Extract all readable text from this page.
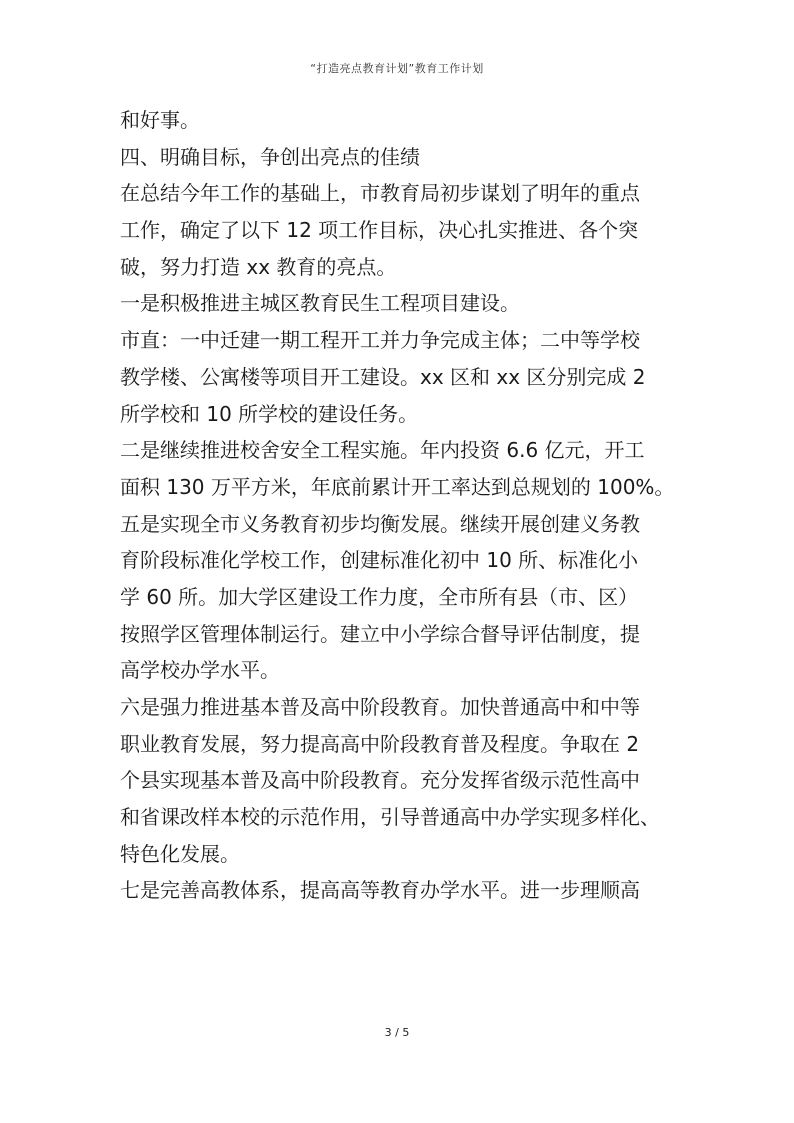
“打造亮点教育计划”教育工作计划
和好事。
四、明确目标，争创出亮点的佳绩
在总结今年工作的基础上，市教育局初步谋划了明年的重点
工作，确定了以下 12 项工作目标，决心扎实推进、各个突
破，努力打造 xx 教育的亮点。
一是积极推进主城区教育民生工程项目建设。
市直：一中迁建一期工程开工并力争完成主体；二中等学校
教学楼、公寓楼等项目开工建设。xx 区和 xx 区分别完成 2
所学校和 10 所学校的建设任务。
二是继续推进校舍安全工程实施。年内投资 6.6 亿元，开工
面积 130 万平方米，年底前累计开工率达到总规划的 100%。
五是实现全市义务教育初步均衡发展。继续开展创建义务教
育阶段标准化学校工作，创建标准化初中 10 所、标准化小
学 60 所。加大学区建设工作力度，全市所有县（市、区）
按照学区管理体制运行。建立中小学综合督导评估制度，提
高学校办学水平。
六是强力推进基本普及高中阶段教育。加快普通高中和中等
职业教育发展，努力提高高中阶段教育普及程度。争取在 2
个县实现基本普及高中阶段教育。充分发挥省级示范性高中
和省课改样本校的示范作用，引导普通高中办学实现多样化、
特色化发展。
七是完善高教体系，提高高等教育办学水平。进一步理顺高
3 / 5
